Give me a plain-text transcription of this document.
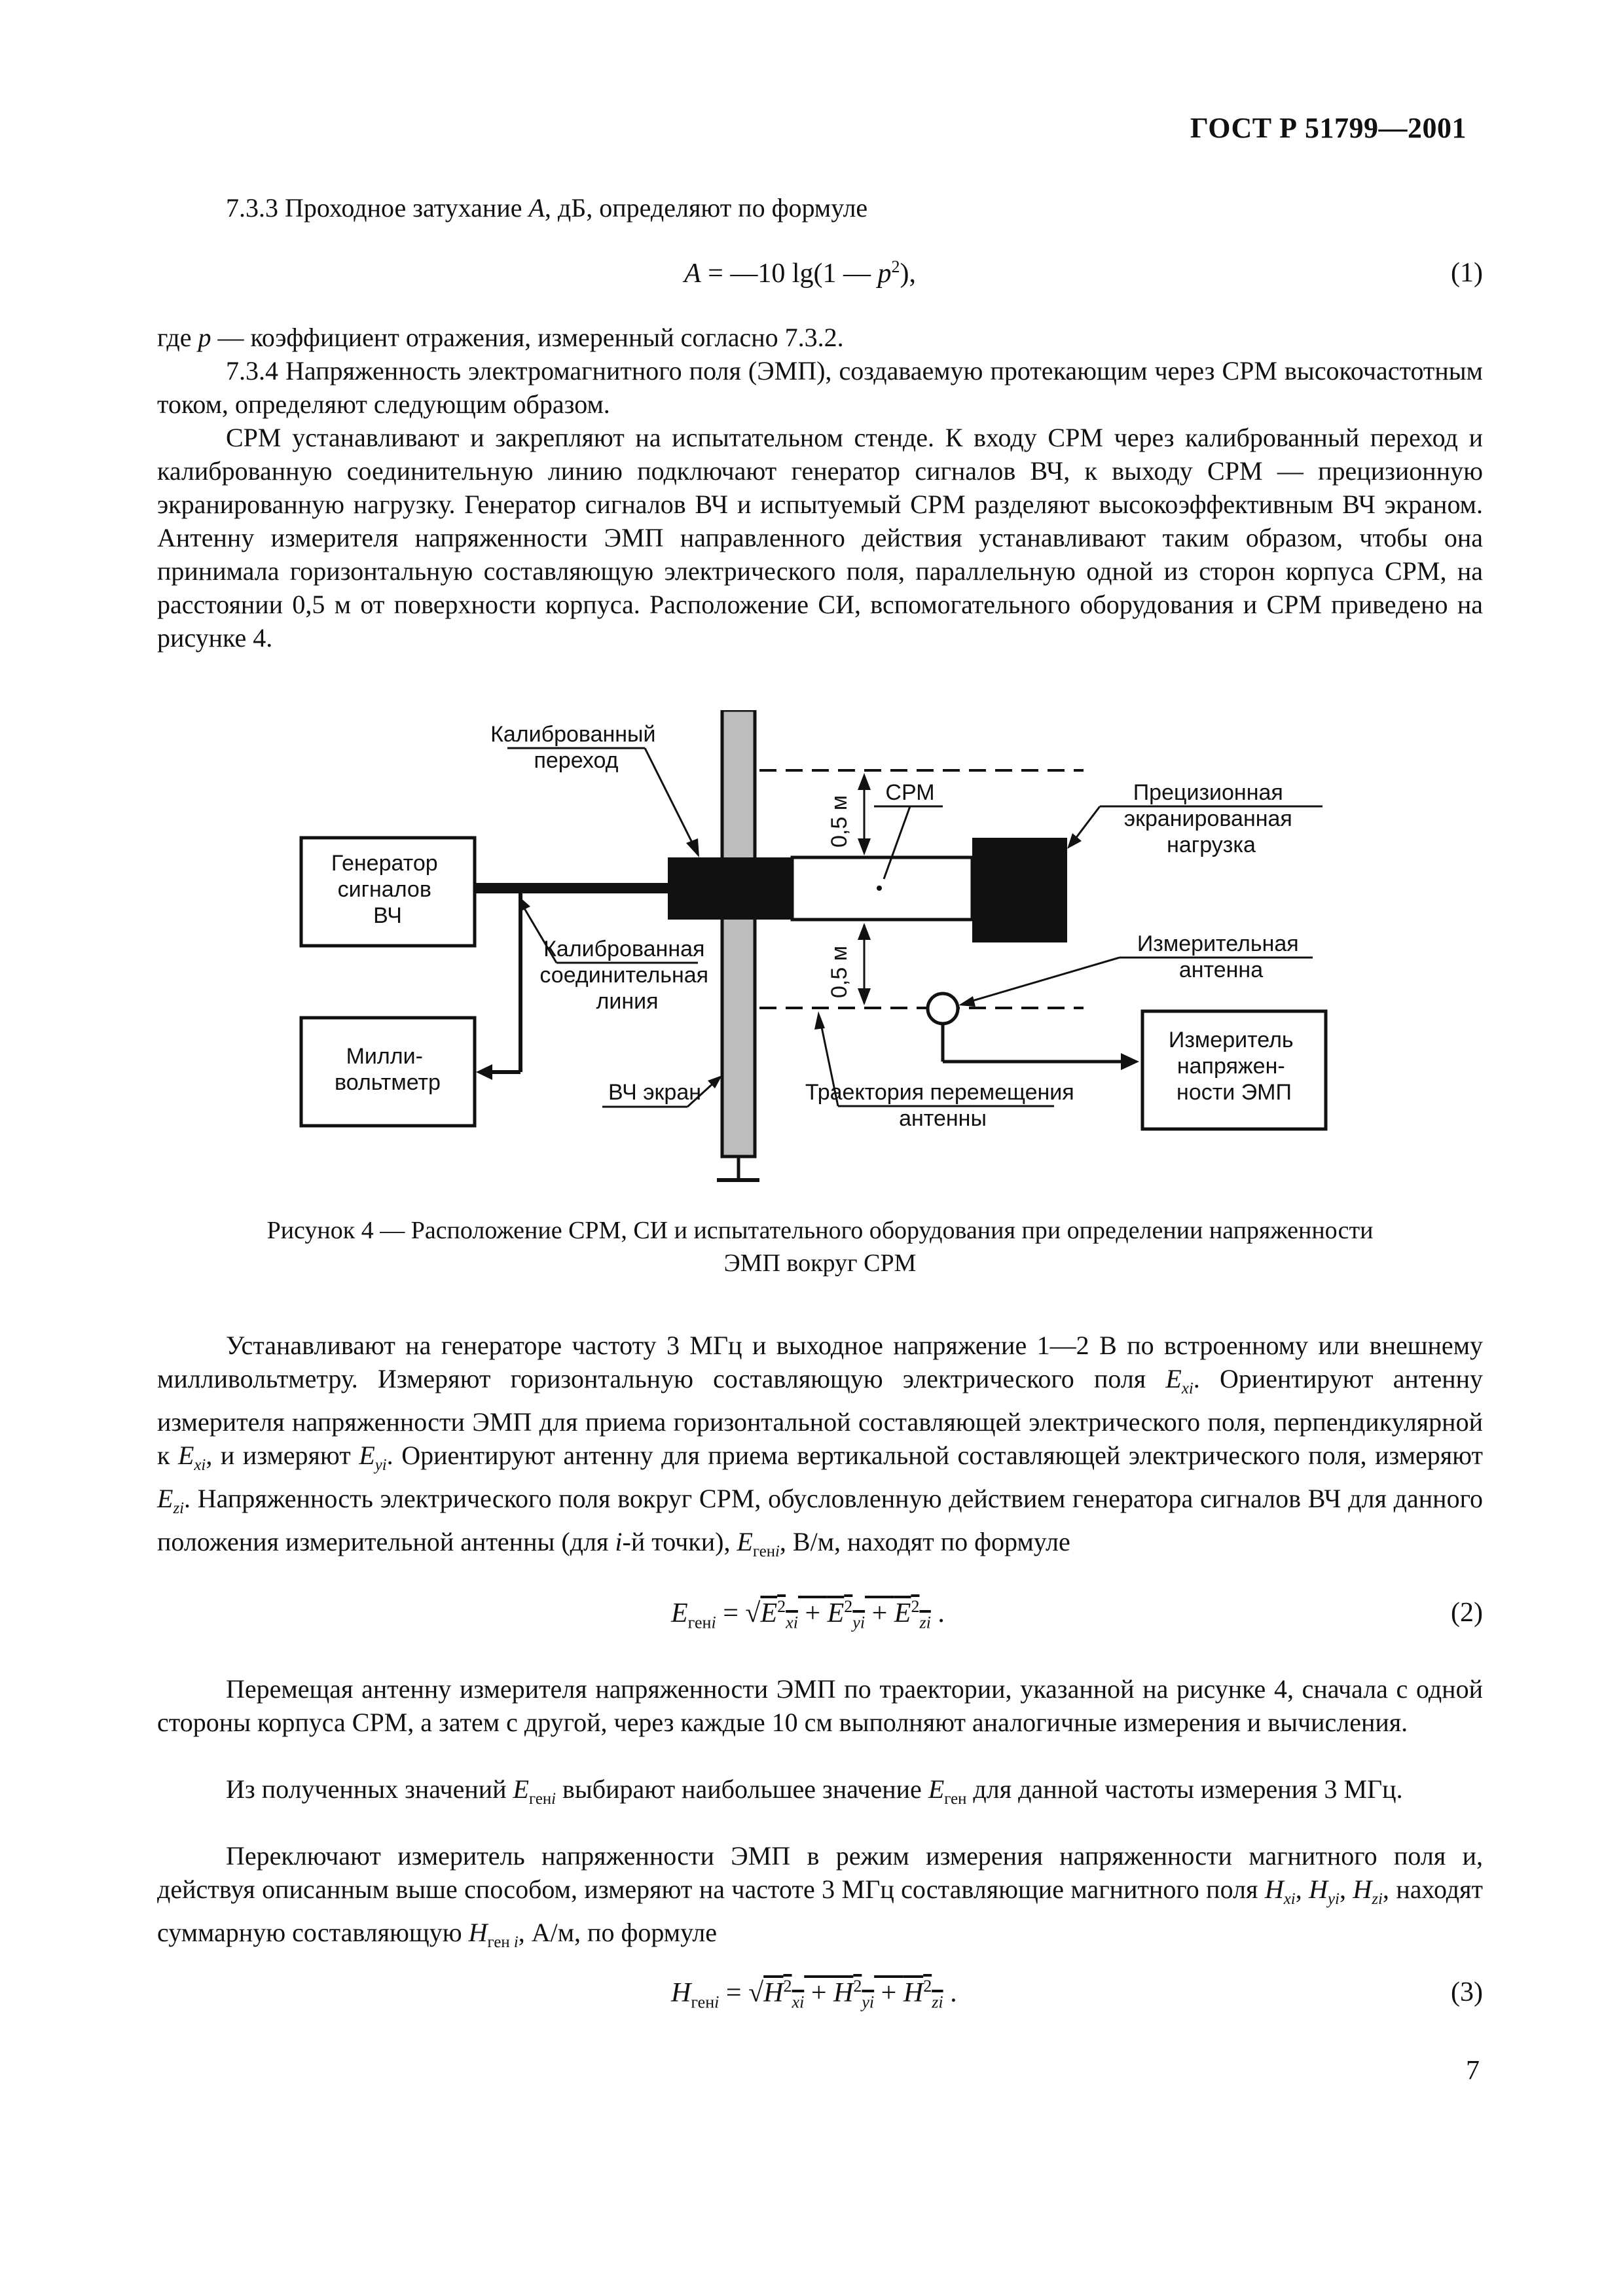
ГОСТ Р 51799—2001

7.3.3 Проходное затухание A, дБ, определяют по формуле

A = —10 lg(1 — $p^2$),	(1)

где p — коэффициент отражения, измеренный согласно 7.3.2.

7.3.4 Напряженность электромагнитного поля (ЭМП), создаваемую протекающим через СРМ высокочастотным током, определяют следующим образом.

СРМ устанавливают и закрепляют на испытательном стенде. К входу СРМ через калиброванный переход и калиброванную соединительную линию подключают генератор сигналов ВЧ, к выходу СРМ — прецизионную экранированную нагрузку. Генератор сигналов ВЧ и испытуемый СРМ разделяют высокоэффективным ВЧ экраном. Антенну измерителя напряженности ЭМП направленного действия устанавливают таким образом, чтобы она принимала горизонтальную составляющую электрического поля, параллельную одной из сторон корпуса СРМ, на расстоянии 0,5 м от поверхности корпуса. Расположение СИ, вспомогательного оборудования и СРМ приведено на рисунке 4.

Генератор сигналов ВЧ
0,5 м
0,5 м
Калиброванный переход
СРМ	Прецизионная экранированная нагрузка
Милли- вольтметр
Калиброванная соединительная линия
ВЧ экран
Измерительная антенна
Измеритель напряжен- ности ЭМП
Траектория перемещения антенны
Рисунок 4 — Расположение СРМ, СИ и испытательного оборудования при определении напряженности
ЭМП вокруг СРМ

Устанавливают на генераторе частоту 3 МГц и выходное напряжение 1—2 В по встроенному или внешнему милливольтметру. Измеряют горизонтальную составляющую электрического поля $E_{xi}$. Ориентируют антенну измерителя напряженности ЭМП для приема горизонтальной составляющей электрического поля, перпендикулярной к $E_{xi}$, и измеряют $E_{yi}$. Ориентируют антенну для приема вертикальной составляющей электрического поля, измеряют $E_{zi}$. Напряженность электрического поля вокруг СРМ, обусловленную действием генератора сигналов ВЧ для данного положения измерительной антенны (для i-й точки), $E_{генi}$, В/м, находят по формуле

$E_{генi} = √E^2_{xi} + E^2_{yi} + E^2_{zi}$ .	(2)

Перемещая антенну измерителя напряженности ЭМП по траектории, указанной на рисунке 4, сначала с одной стороны корпуса СРМ, а затем с другой, через каждые 10 см выполняют аналогичные измерения и вычисления.

Из полученных значений $E_{генi}$ выбирают наибольшее значение $E_{ген}$ для данной частоты измерения 3 МГц.

Переключают измеритель напряженности ЭМП в режим измерения напряженности магнитного поля и, действуя описанным выше способом, измеряют на частоте 3 МГц составляющие магнитного поля $H_{xi}$, $H_{yi}$, $H_{zi}$, находят суммарную составляющую $H_{ген i}$, А/м, по формуле

$H_{генi} = √H^2_{xi} + H^2_{yi} + H^2_{zi}$ .	(3)
7
